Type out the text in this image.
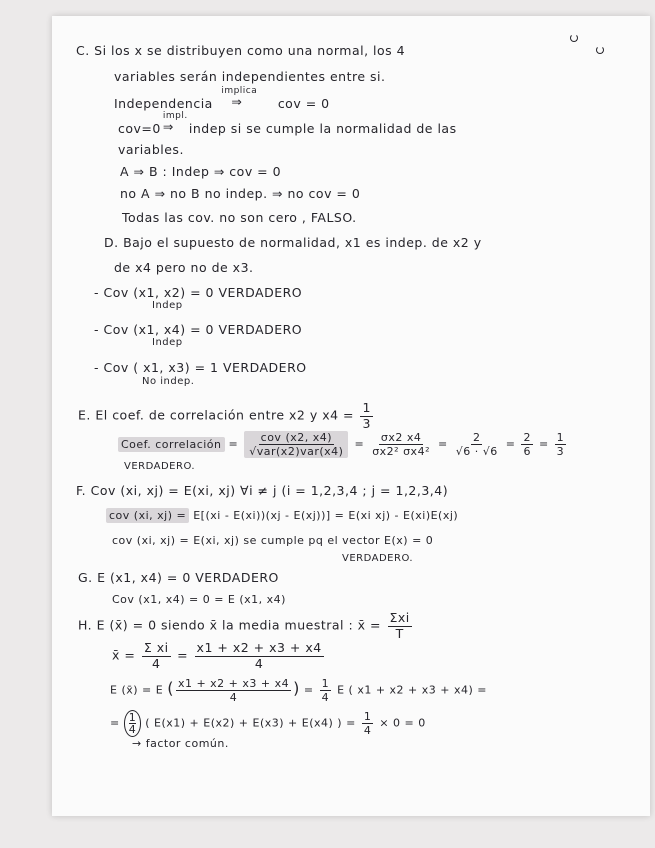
C. Si los x se distribuyen como una normal, los 4
variables serán independientes entre si.
Independencia
implica
⇒	cov = 0
cov=0
impl.
⇒ indep si se cumple la normalidad de las
variables.
A ⇒ B : Indep ⇒ cov = 0
no A ⇒ no B no indep. ⇒ no cov = 0
Todas las cov. no son cero , FALSO.
D. Bajo el supuesto de normalidad, x1 es indep. de x2 y
de x4 pero no de x3.
- Cov (x1, x2) = 0 VERDADERO
Indep
- Cov (x1, x4) = 0 VERDADERO
Indep
- Cov ( x1, x3) = 1 VERDADERO
No indep.
E. El coef. de correlación entre x2 y $x4 = \frac{1}{3}$
Coef. correlación = $\frac{\text{cov (x2, x4)}}{\text{√var(x2)var(x4)}} = \frac{\sigma x2 x4}{\text{σx2² σx4²}} = \frac{2}{√6 \cdot √6} = \frac{2}{6} = \frac{1}{3}$
VERDADERO.
F. Cov (xi, xj) = E(xi, xj) ∀i ≠ j (i = 1,2,3,4 ; j = 1,2,3,4)
cov (xi, xj) = E[(xi - E(xi))(xj - E(xj))] = E(xi xj) - E(xi)E(xj)
cov (xi, xj) = E(xi, xj) se cumple pq el vector E(x) = 0
VERDADERO.
G. E (x1, x4) = 0 VERDADERO
Cov (x1, x4) = 0 = E (x1, x4)
H. E (x̄) = 0 siendo x̄ la media muestral : x̄ = $\frac{\text{Σxi}}{T}$
x̄ = $\frac{\text{Σ xi}}{4} = \frac{x1 + x2 + x3 + x4}{4}$
E (x̄) = E ( $\frac{x1 + x2 + x3 + x4}{4}$ ) = $\frac{1}{4}$ E ( x1 + x2 + x3 + x4) =
= $\frac{1}{4}$ ( E(x1) + E(x2) + E(x3) + E(x4) ) = $\frac{1}{4} \times 0 = 0$
→ factor común.
